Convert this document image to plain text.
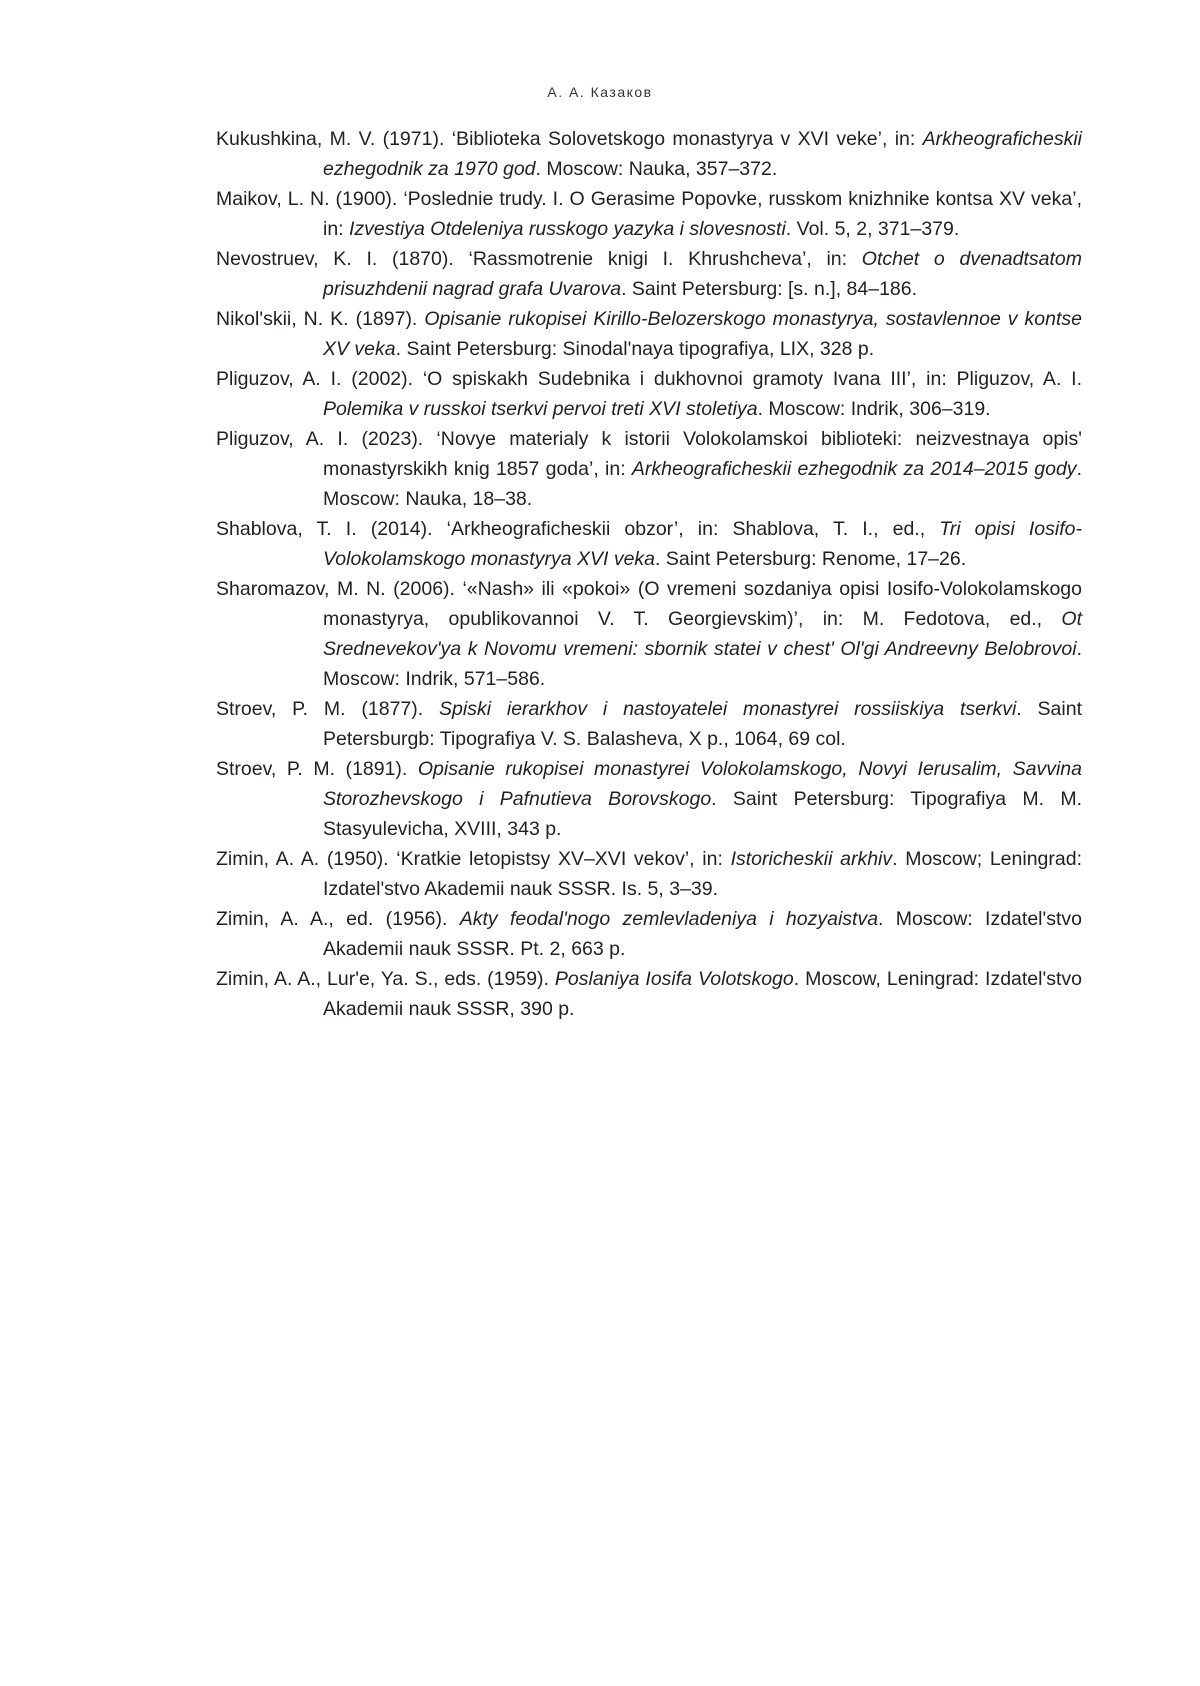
А. А. Казаков
Kukushkina, M. V. (1971). ‘Biblioteka Solovetskogo monastyrya v XVI veke’, in: Arkheograficheskii ezhegodnik za 1970 god. Moscow: Nauka, 357–372.
Maikov, L. N. (1900). ‘Poslednie trudy. I. O Gerasime Popovke, russkom knizhnike kontsa XV veka’, in: Izvestiya Otdeleniya russkogo yazyka i slovesnosti. Vol. 5, 2, 371–379.
Nevostruev, K. I. (1870). ‘Rassmotrenie knigi I. Khrushcheva’, in: Otchet o dvenadtsatom prisuzhdenii nagrad grafa Uvarova. Saint Petersburg: [s. n.], 84–186.
Nikol'skii, N. K. (1897). Opisanie rukopisei Kirillo-Belozerskogo monastyrya, sostavlennoe v kontse XV veka. Saint Petersburg: Sinodal'naya tipografiya, LIX, 328 p.
Pliguzov, A. I. (2002). ‘O spiskakh Sudebnika i dukhovnoi gramoty Ivana III’, in: Pliguzov, A. I. Polemika v russkoi tserkvi pervoi treti XVI stoletiya. Moscow: Indrik, 306–319.
Pliguzov, A. I. (2023). ‘Novye materialy k istorii Volokolamskoi biblioteki: neizvestnaya opis' monastyrskikh knig 1857 goda’, in: Arkheograficheskii ezhegodnik za 2014–2015 gody. Moscow: Nauka, 18–38.
Shablova, T. I. (2014). ‘Arkheograficheskii obzor’, in: Shablova, T. I., ed., Tri opisi Iosifo-Volokolamskogo monastyrya XVI veka. Saint Petersburg: Renome, 17–26.
Sharomazov, M. N. (2006). ‘«Nash» ili «pokoi» (O vremeni sozdaniya opisi Iosifo-Volokolamskogo monastyrya, opublikovannoi V. T. Georgievskim)’, in: M. Fedotova, ed., Ot Srednevekov'ya k Novomu vremeni: sbornik statei v chest' Ol'gi Andreevny Belobrovoi. Moscow: Indrik, 571–586.
Stroev, P. M. (1877). Spiski ierarkhov i nastoyatelei monastyrei rossiiskiya tserkvi. Saint Petersburgb: Tipografiya V. S. Balasheva, X p., 1064, 69 col.
Stroev, P. M. (1891). Opisanie rukopisei monastyrei Volokolamskogo, Novyi Ierusalim, Savvina Storozhevskogo i Pafnutieva Borovskogo. Saint Petersburg: Tipografiya M. M. Stasyulevicha, XVIII, 343 p.
Zimin, A. A. (1950). ‘Kratkie letopistsy XV–XVI vekov’, in: Istoricheskii arkhiv. Moscow; Leningrad: Izdatel'stvo Akademii nauk SSSR. Is. 5, 3–39.
Zimin, A. A., ed. (1956). Akty feodal'nogo zemlevladeniya i hozyaistva. Moscow: Izdatel'stvo Akademii nauk SSSR. Pt. 2, 663 p.
Zimin, A. A., Lur'e, Ya. S., eds. (1959). Poslaniya Iosifa Volotskogo. Moscow, Leningrad: Izdatel'stvo Akademii nauk SSSR, 390 p.
